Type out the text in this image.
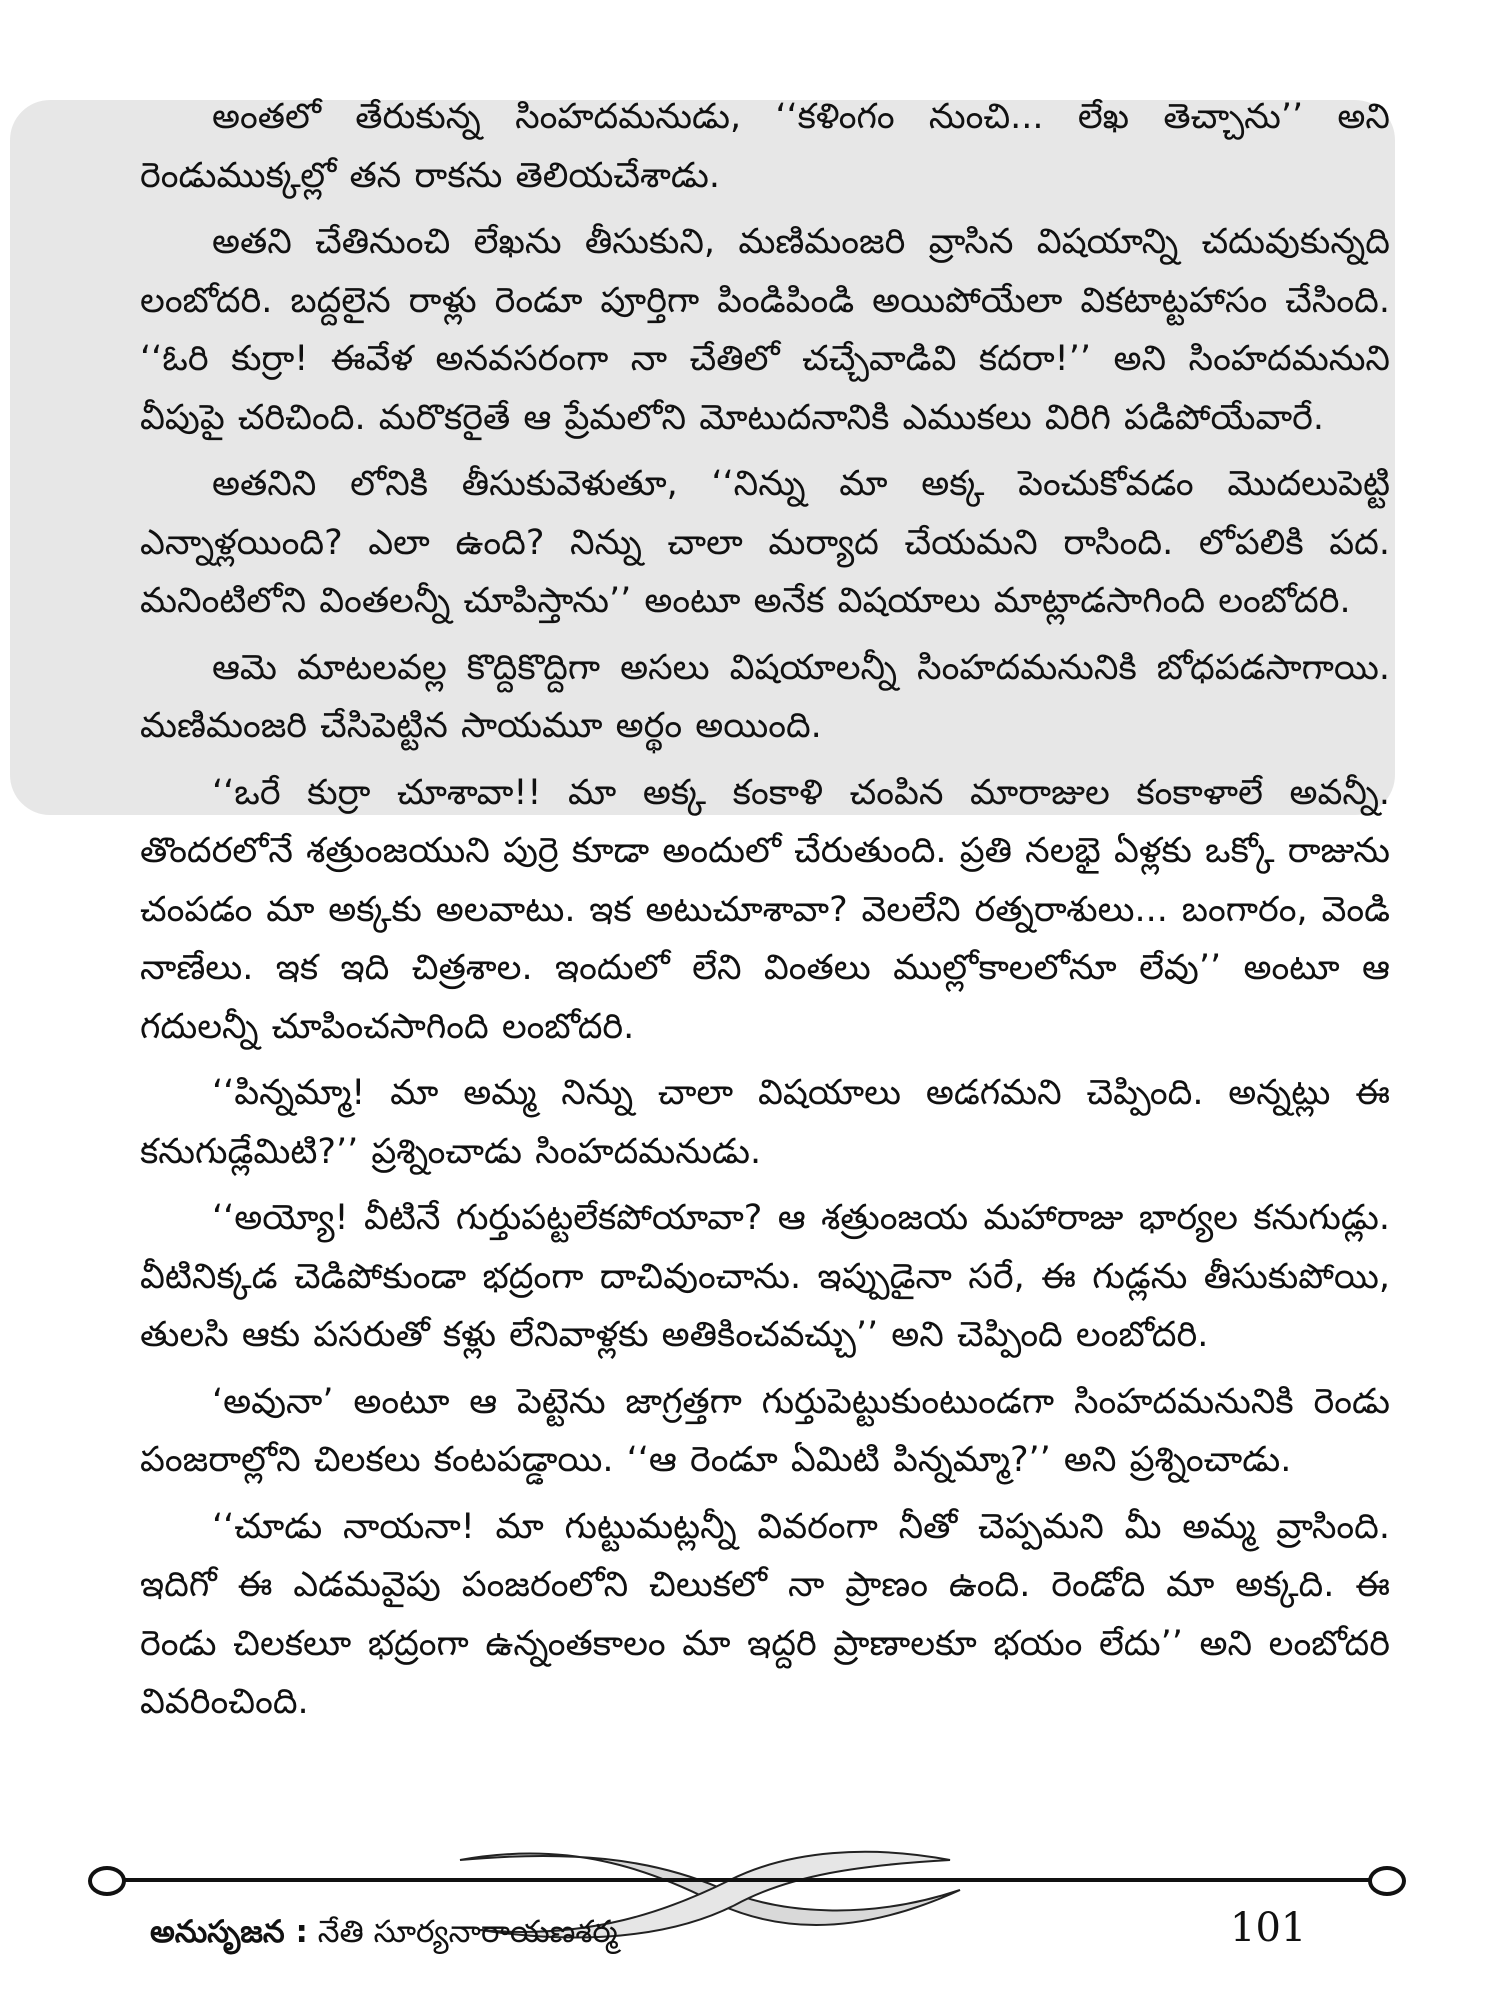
అంతలో తేరుకున్న సింహదమనుడు, ‘‘కళింగం నుంచి... లేఖ తెచ్చాను’’ అని రెండుముక్కల్లో తన రాకను తెలియచేశాడు.

అతని చేతినుంచి లేఖను తీసుకుని, మణిమంజరి వ్రాసిన విషయాన్ని చదువుకున్నది లంబోదరి. బద్దలైన రాళ్లు రెండూ పూర్తిగా పిండిపిండి అయిపోయేలా వికటాట్టహాసం చేసింది. ‘‘ఓరి కుర్రా! ఈవేళ అనవసరంగా నా చేతిలో చచ్చేవాడివి కదరా!’’ అని సింహదమనుని వీపుపై చరిచింది. మరొకరైతే ఆ ప్రేమలోని మోటుదనానికి ఎముకలు విరిగి పడిపోయేవారే.

అతనిని లోనికి తీసుకువెళుతూ, ‘‘నిన్ను మా అక్క పెంచుకోవడం మొదలుపెట్టి ఎన్నాళ్లయింది? ఎలా ఉంది? నిన్ను చాలా మర్యాద చేయమని రాసింది. లోపలికి పద. మనింటిలోని వింతలన్నీ చూపిస్తాను’’ అంటూ అనేక విషయాలు మాట్లాడసాగింది లంబోదరి.

ఆమె మాటలవల్ల కొద్దికొద్దిగా అసలు విషయాలన్నీ సింహదమనునికి బోధపడసాగాయి. మణిమంజరి చేసిపెట్టిన సాయమూ అర్థం అయింది.

‘‘ఒరే కుర్రా చూశావా!! మా అక్క కంకాళి చంపిన మారాజుల కంకాళాలే అవన్నీ. తొందరలోనే శత్రుంజయుని పుర్రె కూడా అందులో చేరుతుంది. ప్రతి నలభై ఏళ్లకు ఒక్కో రాజును చంపడం మా అక్కకు అలవాటు. ఇక అటుచూశావా? వెలలేని రత్నరాశులు... బంగారం, వెండి నాణేలు. ఇక ఇది చిత్రశాల. ఇందులో లేని వింతలు ముల్లోకాలలోనూ లేవు’’ అంటూ ఆ గదులన్నీ చూపించసాగింది లంబోదరి.

‘‘పిన్నమ్మా! మా అమ్మ నిన్ను చాలా విషయాలు అడగమని చెప్పింది. అన్నట్లు ఈ కనుగుడ్లేమిటి?’’ ప్రశ్నించాడు సింహదమనుడు.

‘‘అయ్యో! వీటినే గుర్తుపట్టలేకపోయావా? ఆ శత్రుంజయ మహారాజు భార్యల కనుగుడ్లు. వీటినిక్కడ చెడిపోకుండా భద్రంగా దాచివుంచాను. ఇప్పుడైనా సరే, ఈ గుడ్లను తీసుకుపోయి, తులసి ఆకు పసరుతో కళ్లు లేనివాళ్లకు అతికించవచ్చు’’ అని చెప్పింది లంబోదరి.

‘అవునా’ అంటూ ఆ పెట్టెను జాగ్రత్తగా గుర్తుపెట్టుకుంటుండగా సింహదమనునికి రెండు పంజరాల్లోని చిలకలు కంటపడ్డాయి. ‘‘ఆ రెండూ ఏమిటి పిన్నమ్మా?’’ అని ప్రశ్నించాడు.

‘‘చూడు నాయనా! మా గుట్టుమట్లన్నీ వివరంగా నీతో చెప్పమని మీ అమ్మ వ్రాసింది. ఇదిగో ఈ ఎడమవైపు పంజరంలోని చిలుకలో నా ప్రాణం ఉంది. రెండోది మా అక్కది. ఈ రెండు చిలకలూ భద్రంగా ఉన్నంతకాలం మా ఇద్దరి ప్రాణాలకూ భయం లేదు’’ అని లంబోదరి వివరించింది.

అనుసృజన : నేతి సూర్యనారాయణశర్మ	101
